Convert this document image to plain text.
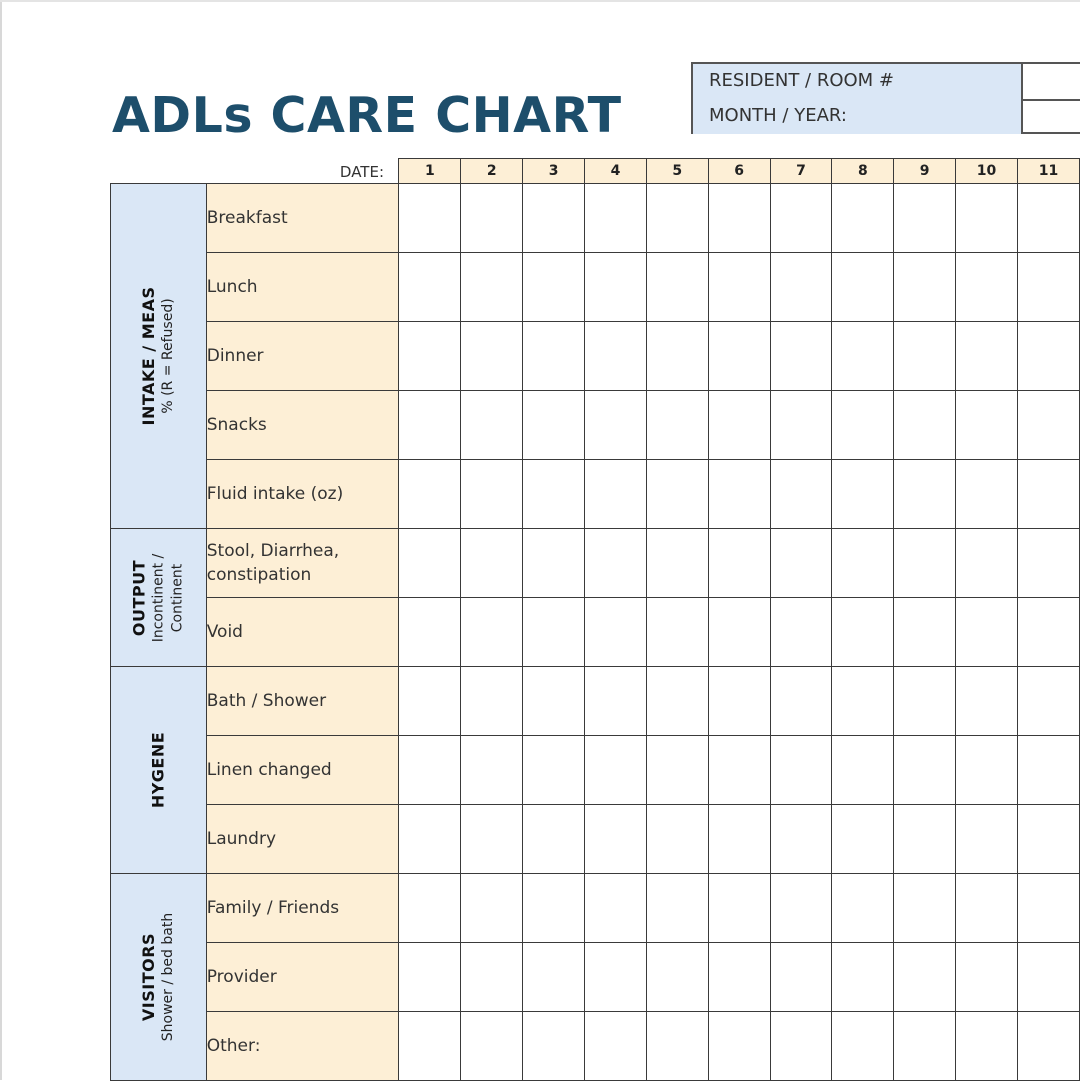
ADLs CARE CHART
RESIDENT / ROOM #
MONTH / YEAR:
DATE:
			1	2	3	4	5	6	7	8	9	10	11

INTAKE / MEAS % (R = Refused)	Breakfast											
	Lunch											
	Dinner											
	Snacks											
	Fluid intake (oz)											

OUTPUT Incontinent / Continent	Stool, Diarrhea, constipation											
	Void											

HYGENE	Bath / Shower											
	Linen changed											
	Laundry											

VISITORS Shower / bed bath	Family / Friends											
	Provider											
	Other:											
